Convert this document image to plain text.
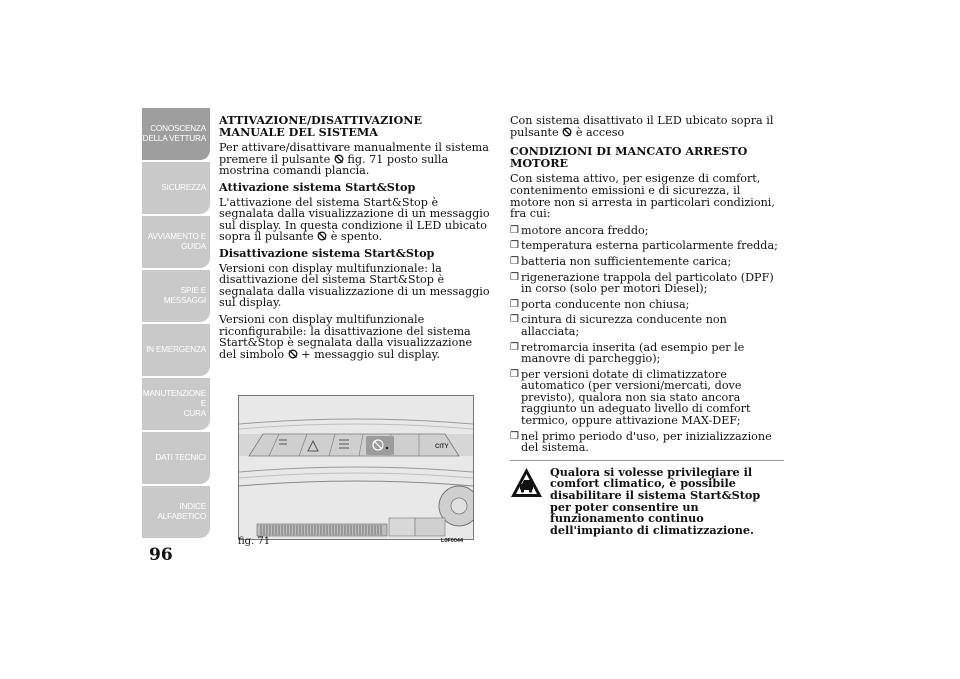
CONOSCENZA
DELLA VETTURA
SICUREZZA
AVVIAMENTO E
GUIDA
SPIE E MESSAGGI
IN EMERGENZA
MANUTENZIONE E
CURA
DATI TECNICI
INDICE
ALFABETICO
96
ATTIVAZIONE/DISATTIVAZIONE MANUALE DEL SISTEMA
Per attivare/disattivare manualmente il sistema premere il pulsante fig. 71 posto sulla mostrina comandi plancia.
Attivazione sistema Start&Stop
L'attivazione del sistema Start&Stop è segnalata dalla visualizzazione di un messaggio sul display. In questa condizione il LED ubicato sopra il pulsante è spento.
Disattivazione sistema Start&Stop
Versioni con display multifunzionale: la disattivazione del sistema Start&Stop è segnalata dalla visualizzazione di un messaggio sul display.
Versioni con display multifunzionale riconfigurabile: la disattivazione del sistema Start&Stop è segnalata dalla visualizzazione del simbolo + messaggio sul display.
CITY
fig. 71	L0F0044
Con sistema disattivato il LED ubicato sopra il pulsante è acceso
CONDIZIONI DI MANCATO ARRESTO MOTORE
Con sistema attivo, per esigenze di comfort, contenimento emissioni e di sicurezza, il motore non si arresta in particolari condizioni, fra cui:
❐ motore ancora freddo;
❐ temperatura esterna particolarmente fredda;
❐ batteria non sufficientemente carica;
❐ rigenerazione trappola del particolato (DPF) in corso (solo per motori Diesel);
❐ porta conducente non chiusa;
❐ cintura di sicurezza conducente non allacciata;
❐ retromarcia inserita (ad esempio per le manovre di parcheggio);
❐ per versioni dotate di climatizzatore automatico (per versioni/mercati, dove previsto), qualora non sia stato ancora raggiunto un adeguato livello di comfort termico, oppure attivazione MAX-DEF;
❐ nel primo periodo d'uso, per inizializzazione del sistema.
Qualora si volesse privilegiare il comfort climatico, è possibile disabilitare il sistema Start&Stop per poter consentire un funzionamento continuo dell'impianto di climatizzazione.
